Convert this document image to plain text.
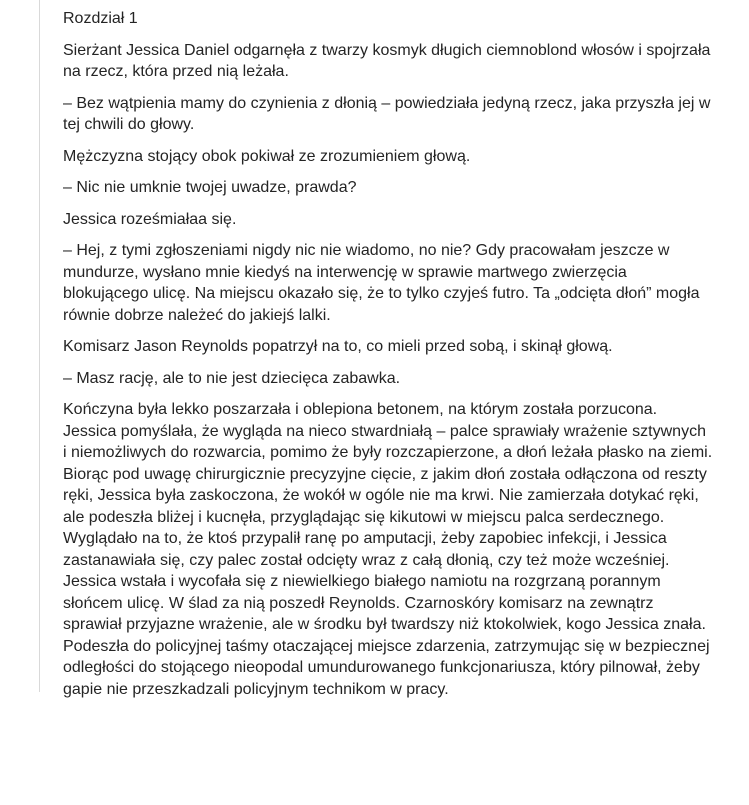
Rozdział 1

Sierżant Jessica Daniel odgarnęła z twarzy kosmyk długich ciemnoblond włosów i spojrzała na rzecz, która przed nią leżała.

– Bez wątpienia mamy do czynienia z dłonią – powiedziała jedyną rzecz, jaka przyszła jej w tej chwili do głowy.

Mężczyzna stojący obok pokiwał ze zrozumieniem głową.

– Nic nie umknie twojej uwadze, prawda?

Jessica roześmiałaa się.

– Hej, z tymi zgłoszeniami nigdy nic nie wiadomo, no nie? Gdy pracowałam jeszcze w mundurze, wysłano mnie kiedyś na interwencję w sprawie martwego zwierzęcia blokującego ulicę. Na miejscu okazało się, że to tylko czyjeś futro. Ta „odcięta dłoń” mogła równie dobrze należeć do jakiejś lalki.

Komisarz Jason Reynolds popatrzył na to, co mieli przed sobą, i skinął głową.

– Masz rację, ale to nie jest dziecięca zabawka.

Kończyna była lekko poszarzała i oblepiona betonem, na którym została porzucona. Jessica pomyślała, że wygląda na nieco stwardniałą – palce sprawiały wrażenie sztywnych i niemożliwych do rozwarcia, pomimo że były rozczapierzone, a dłoń leżała płasko na ziemi. Biorąc pod uwagę chirurgicznie precyzyjne cięcie, z jakim dłoń została odłączona od reszty ręki, Jessica była zaskoczona, że wokół w ogóle nie ma krwi. Nie zamierzała dotykać ręki, ale podeszła bliżej i kucnęła, przyglądając się kikutowi w miejscu palca serdecznego. Wyglądało na to, że ktoś przypalił ranę po amputacji, żeby zapobiec infekcji, i Jessica zastanawiała się, czy palec został odcięty wraz z całą dłonią, czy też może wcześniej. Jessica wstała i wycofała się z niewielkiego białego namiotu na rozgrzaną porannym słońcem ulicę. W ślad za nią poszedł Reynolds. Czarnoskóry komisarz na zewnątrz sprawiał przyjazne wrażenie, ale w środku był twardszy niż ktokolwiek, kogo Jessica znała. Podeszła do policyjnej taśmy otaczającej miejsce zdarzenia, zatrzymując się w bezpiecznej odległości do stojącego nieopodal umundurowanego funkcjonariusza, który pilnował, żeby gapie nie przeszkadzali policyjnym technikom w pracy.
